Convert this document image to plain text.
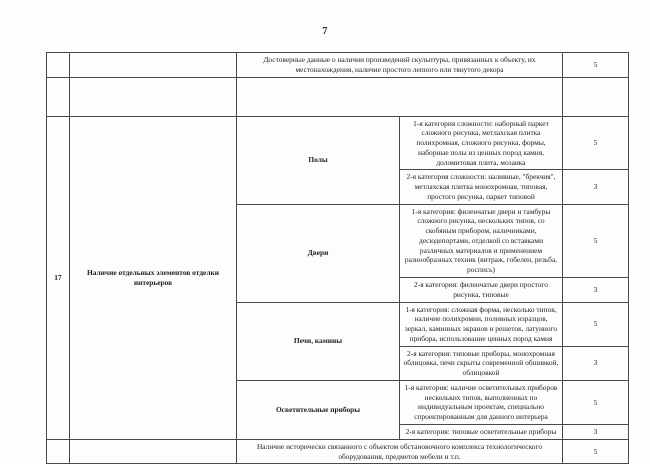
7
		Достоверные данные о наличии произведений скульптуры, привязанных к объекту, их местонахождения, наличие простого лепного или тянутого декора		5

17	Наличие отдельных элементов отделки интерьеров	Полы	1-я категория сложности: наборный паркет сложного рисунка, метлахская плитка полихромная, сложного рисунка, формы, наборные полы из ценных пород камня, доломитовая плита, мозаика	5
			2-я категория сложности: наливные, "брекчия", метлахская плитка монохромная, типовая, простого рисунка, паркет типовой	3
		Двери	1-я категория: филенчатые двери и тамбуры сложного рисунка, нескольких типов, со скобяным прибором, наличниками, десюдепортами, отделкой со вставками различных материалов и применением разнообразных техник (витраж, гобелен, резьба, роспись)	5
			2-я категория: филенчатые двери простого рисунка, типовые	3
		Печи, камины	1-я категория: сложная форма, несколько типов, наличие полихромии, поливных изразцов, зеркал, каминных экранов и решеток, латунного прибора, использование ценных пород камня	5
			2-я категория: типовые приборы, монохромная облицовка, печи скрыты современной обшивкой, облицовкой	3
		Осветительные приборы	1-я категория: наличие осветительных приборов нескольких типов, выполненных по индивидуальным проектам, специально спроектированным для данного интерьера	5
			2-я категория: типовые осветительные приборы	3
		Наличие исторически связанного с объектом обстановочного комплекса технологического оборудования, предметов мебели и т.п.		5
